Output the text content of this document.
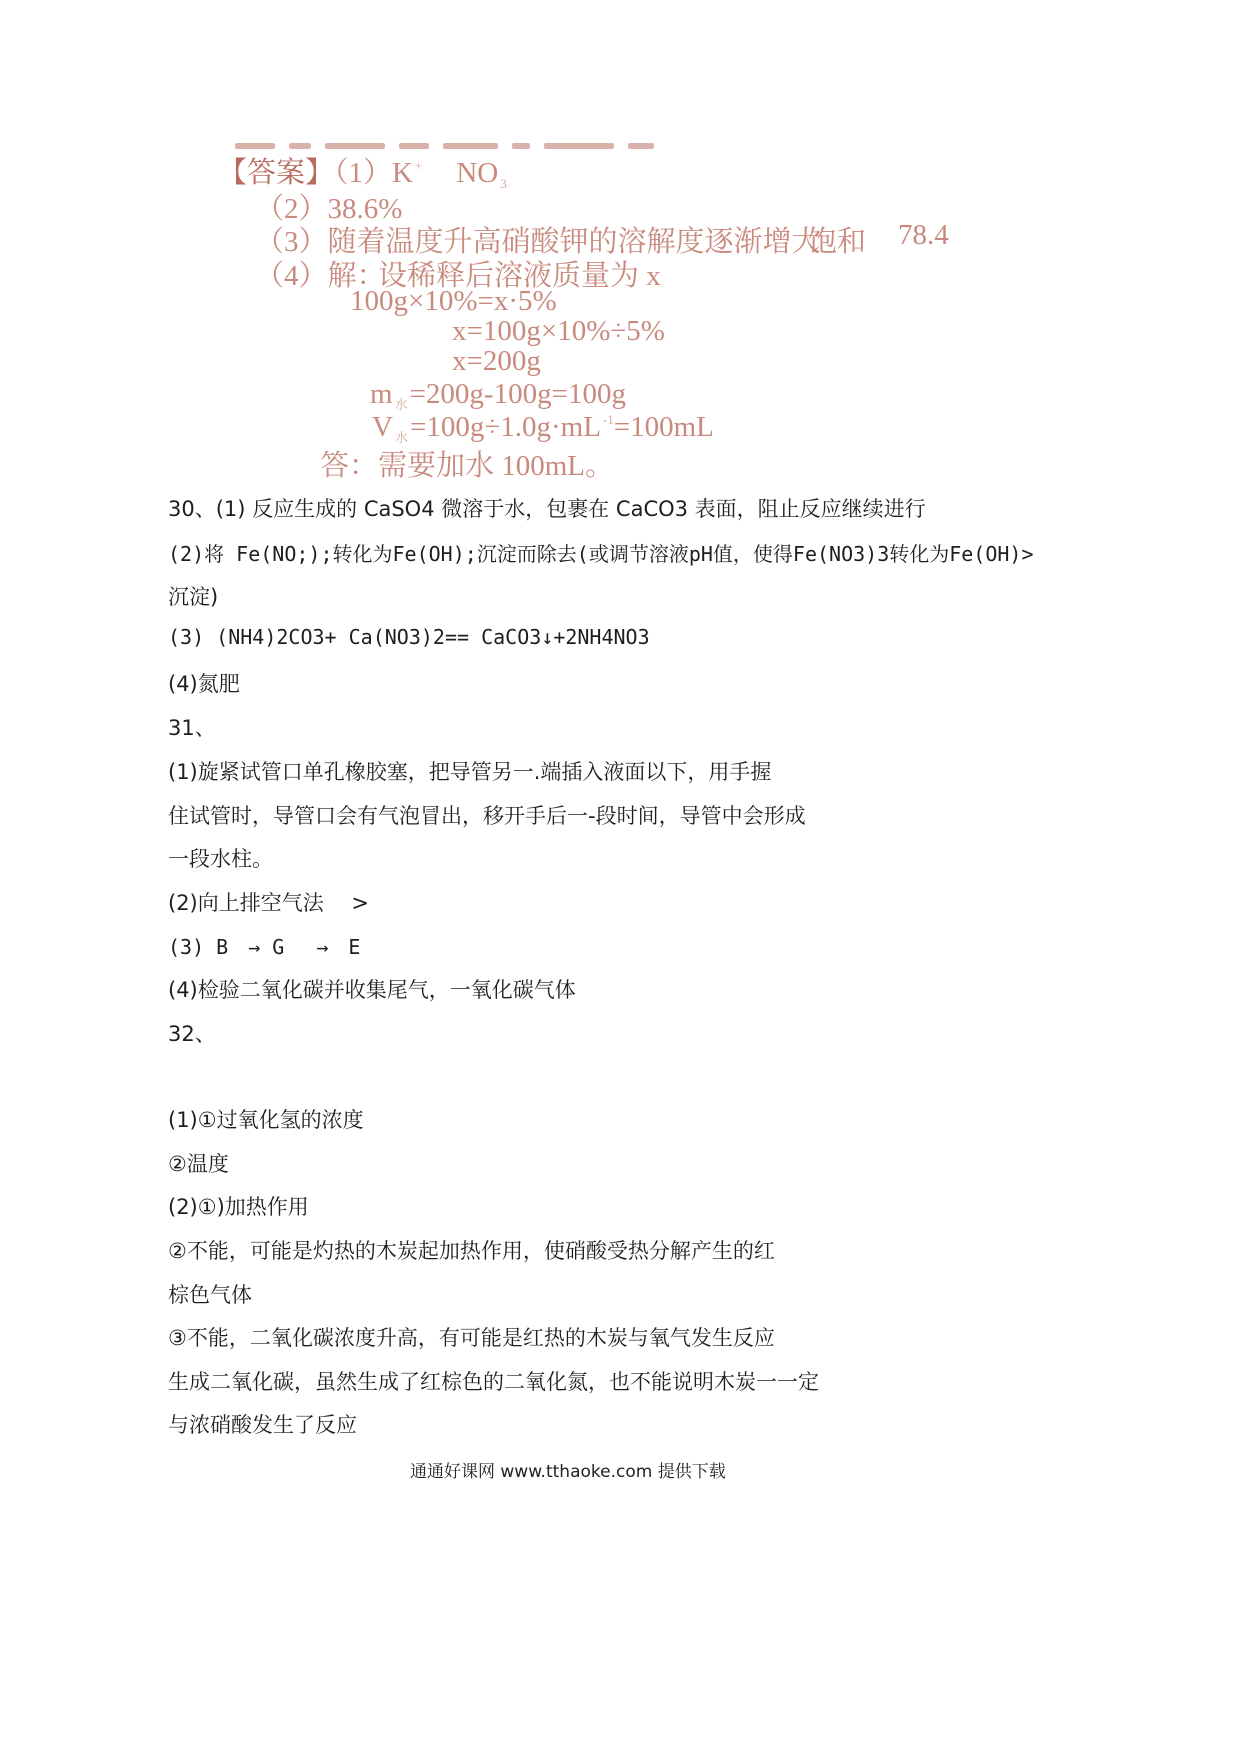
【答案】（1）K + NO $_3$
（2）38.6%
（3）随着温度升高硝酸钾的溶解度逐渐增大
饱和 78.4
（4）解：
设稀释后溶液质量为 x
100g×10%=x·5%
x=100g×10%÷5%
x=200g
m $_水$=200g-100g=100g
V $_水$=100g÷1.0g·mL $^{-1}$=100mL
答：需要加水 100mL。
30、(1) 反应生成的 CaSO4 微溶于水，包裹在 CaCO3 表面，阻止反应继续进行
(2)将 Fe(NO;);转化为Fe(OH);沉淀而除去(或调节溶液pH值，使得Fe(NO3)3转化为Fe(OH)>
沉淀)
(3) (NH4)2CO3+ Ca(NO3)2== CaCO3↓+2NH4NO3
(4)氮肥
31、
(1)旋紧试管口单孔橡胶塞，把导管另一.端插入液面以下，用手握
住试管时，导管口会有气泡冒出，移开手后一-段时间，导管中会形成
一段水柱。
(2)向上排空气法　 >
(3) B　→ G　 →　E
(4)检验二氧化碳并收集尾气，一氧化碳气体
32、
(1)①过氧化氢的浓度
②温度
(2)①)加热作用
②不能，可能是灼热的木炭起加热作用，使硝酸受热分解产生的红
棕色气体
③不能，二氧化碳浓度升高，有可能是红热的木炭与氧气发生反应
生成二氧化碳，虽然生成了红棕色的二氧化氮，也不能说明木炭一一定
与浓硝酸发生了反应
通通好课网 www.tthaoke.com 提供下载
